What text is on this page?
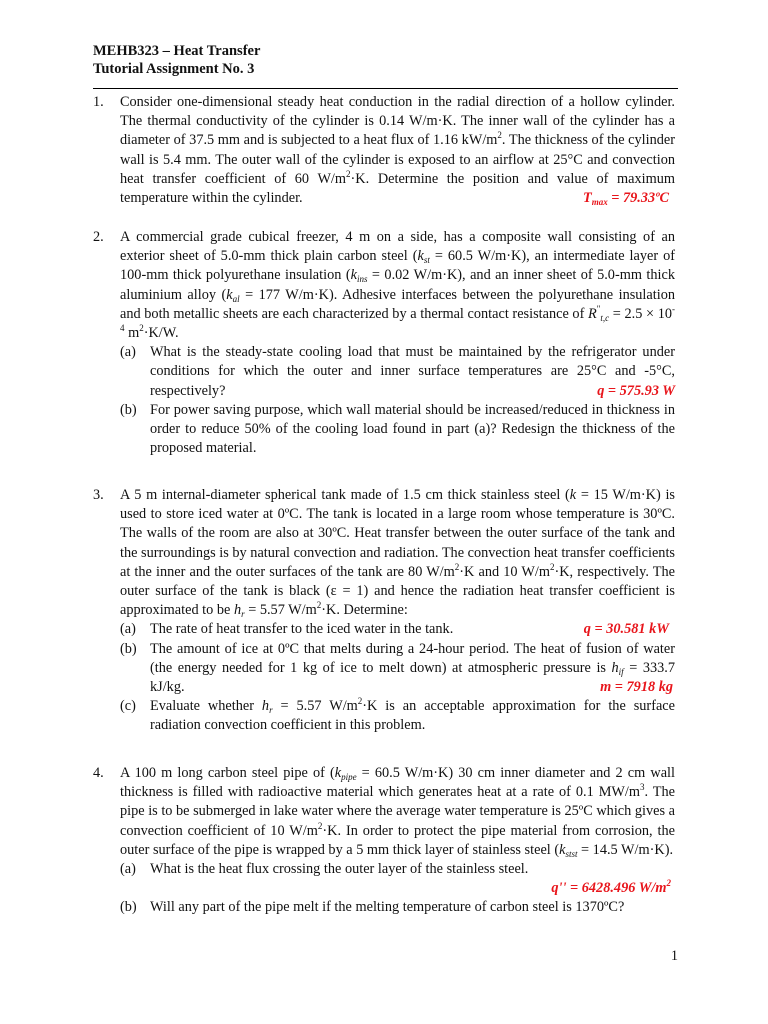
MEHB323 – Heat Transfer
Tutorial Assignment No. 3
1.	Consider one-dimensional steady heat conduction in the radial direction of a hollow cylinder. The thermal conductivity of the cylinder is 0.14 W/m·K. The inner wall of the cylinder has a diameter of 37.5 mm and is subjected to a heat flux of 1.16 $kW/m^2$. The thickness of the cylinder wall is 5.4 mm. The outer wall of the cylinder is exposed to an airflow at 25°C and convection heat transfer coefficient of 60 $W/m^2\cdot K$. Determine the position and value of maximum temperature within the cylinder.	$T_{max}$ = 79.33ºC
2.	A commercial grade cubical freezer, 4 m on a side, has a composite wall consisting of an exterior sheet of 5.0-mm thick plain carbon steel ($k_{st} = 60.5$ W/m·K), an intermediate layer of 100-mm thick polyurethane insulation ($k_{ins} = 0.02$ W/m·K), and an inner sheet of 5.0-mm thick aluminium alloy ($k_{al} = 177$ W/m·K). Adhesive interfaces between the polyurethane insulation and both metallic sheets are each characterized by a thermal contact resistance of $R^"_{t,c} = 2.5 \times 10^{-4}$ $m^2\cdot K/W$.
(a) What is the steady-state cooling load that must be maintained by the refrigerator under conditions for which the outer and inner surface temperatures are 25°C and -5°C, respectively?	q = 575.93 W
(b) For power saving purpose, which wall material should be increased/reduced in thickness in order to reduce 50% of the cooling load found in part (a)? Redesign the thickness of the proposed material.
3.	A 5 m internal-diameter spherical tank made of 1.5 cm thick stainless steel (k = 15 W/m·K) is used to store iced water at 0ºC. The tank is located in a large room whose temperature is 30ºC. The walls of the room are also at 30ºC. Heat transfer between the outer surface of the tank and the surroundings is by natural convection and radiation. The convection heat transfer coefficients at the inner and the outer surfaces of the tank are 80 $W/m^2\cdot K$ and 10 $W/m^2\cdot K$, respectively. The outer surface of the tank is black (ε = 1) and hence the radiation heat transfer coefficient is approximated to be $h_r = 5.57$ $W/m^2\cdot K$. Determine:
(a) The rate of heat transfer to the iced water in the tank.	q = 30.581 kW
(b) The amount of ice at 0ºC that melts during a 24-hour period. The heat of fusion of water (the energy needed for 1 kg of ice to melt down) at atmospheric pressure is $h_{if} = 333.7$ kJ/kg.	m = 7918 kg
(c) Evaluate whether $h_r = 5.57$ $W/m^2\cdot K$ is an acceptable approximation for the surface radiation convection coefficient in this problem.
4.	A 100 m long carbon steel pipe of ($k_{pipe} = 60.5$ W/m·K) 30 cm inner diameter and 2 cm wall thickness is filled with radioactive material which generates heat at a rate of 0.1 $MW/m^3$. The pipe is to be submerged in lake water where the average water temperature is 25ºC which gives a convection coefficient of 10 $W/m^2\cdot K$. In order to protect the pipe material from corrosion, the outer surface of the pipe is wrapped by a 5 mm thick layer of stainless steel ($k_{stst} = 14.5$ W/m·K).
(a) What is the heat flux crossing the outer layer of the stainless steel.
q'' = 6428.496 $W/m^2$
(b) Will any part of the pipe melt if the melting temperature of carbon steel is 1370ºC?
1
